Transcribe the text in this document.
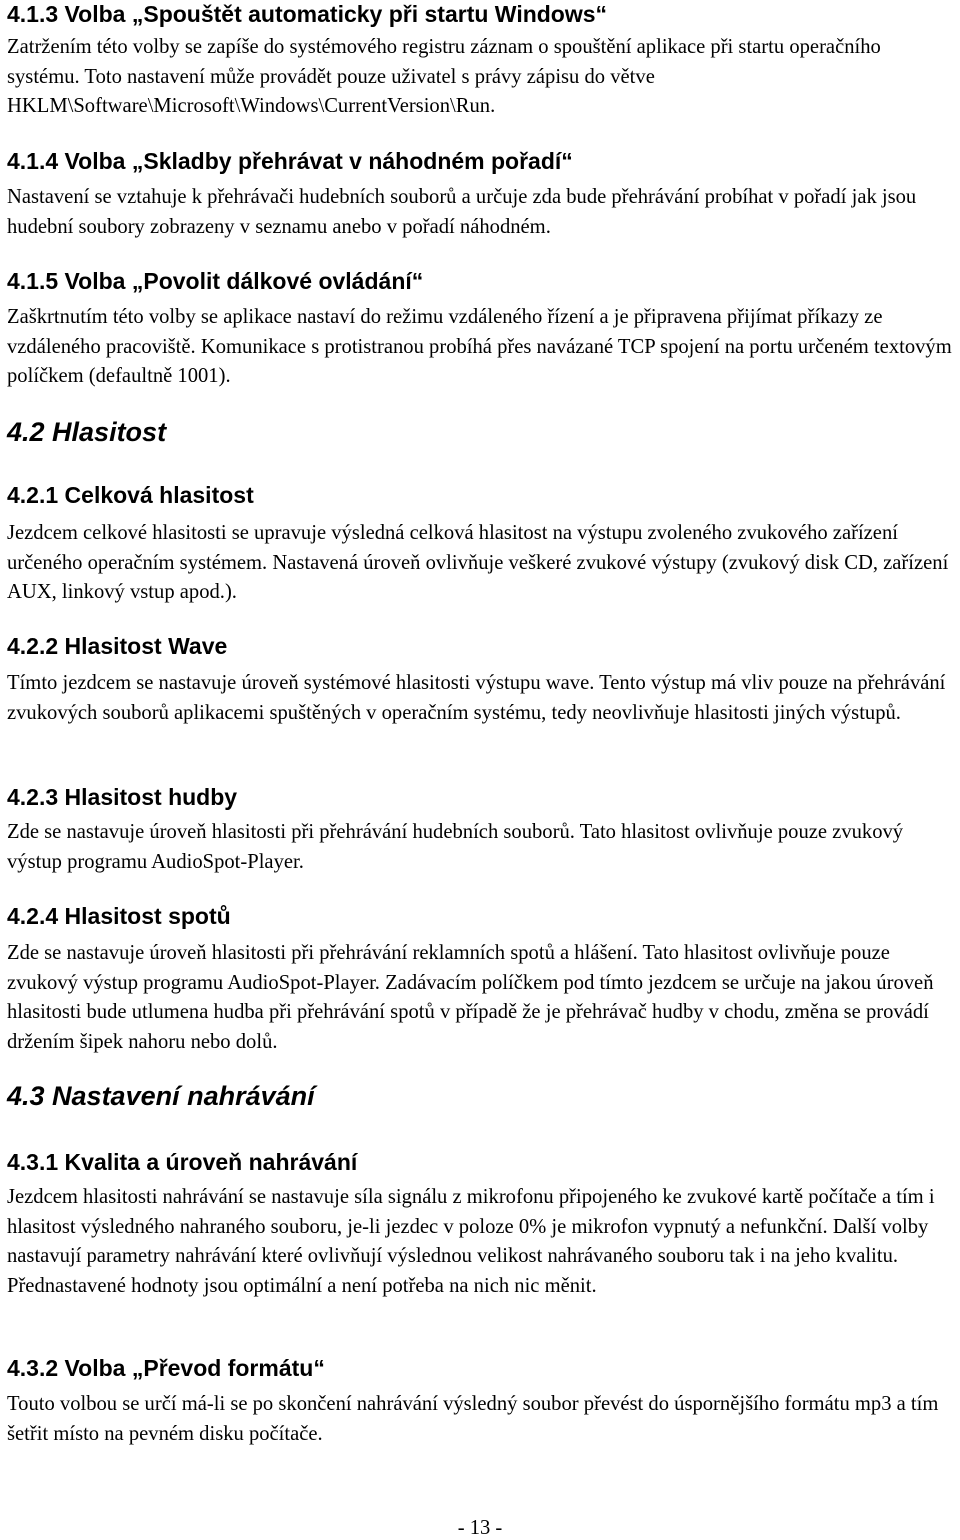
4.1.3 Volba „Spouštět automaticky při startu Windows“

Zatržením této volby se zapíše do systémového registru záznam o spouštění aplikace při startu operačního systému. Toto nastavení může provádět pouze uživatel s právy zápisu do větve HKLM\Software\Microsoft\Windows\CurrentVersion\Run.

4.1.4 Volba „Skladby přehrávat v náhodném pořadí“

Nastavení se vztahuje k přehrávači hudebních souborů a určuje zda bude přehrávání probíhat v pořadí jak jsou hudební soubory zobrazeny v seznamu anebo v pořadí náhodném.

4.1.5 Volba „Povolit dálkové ovládání“

Zaškrtnutím této volby se aplikace nastaví do režimu vzdáleného řízení a je připravena přijímat příkazy ze vzdáleného pracoviště. Komunikace s protistranou probíhá přes navázané TCP spojení na portu určeném textovým políčkem (defaultně 1001).

4.2 Hlasitost
4.2.1 Celková hlasitost

Jezdcem celkové hlasitosti se upravuje výsledná celková hlasitost na výstupu zvoleného zvukového zařízení určeného operačním systémem. Nastavená úroveň ovlivňuje veškeré zvukové výstupy (zvukový disk CD, zařízení AUX, linkový vstup apod.).

4.2.2 Hlasitost Wave

Tímto jezdcem se nastavuje úroveň systémové hlasitosti výstupu wave. Tento výstup má vliv pouze na přehrávání zvukových souborů aplikacemi spuštěných v operačním systému, tedy neovlivňuje hlasitosti jiných výstupů.

4.2.3 Hlasitost hudby

Zde se nastavuje úroveň hlasitosti při přehrávání hudebních souborů. Tato hlasitost ovlivňuje pouze zvukový výstup programu AudioSpot-Player.

4.2.4 Hlasitost spotů

Zde se nastavuje úroveň hlasitosti při přehrávání reklamních spotů a hlášení. Tato hlasitost ovlivňuje pouze zvukový výstup programu AudioSpot-Player. Zadávacím políčkem pod tímto jezdcem se určuje na jakou úroveň hlasitosti bude utlumena hudba při přehrávání spotů v případě že je přehrávač hudby v chodu, změna se provádí držením šipek nahoru nebo dolů.

4.3 Nastavení nahrávání
4.3.1 Kvalita a úroveň nahrávání

Jezdcem hlasitosti nahrávání se nastavuje síla signálu z mikrofonu připojeného ke zvukové kartě počítače a tím i hlasitost výsledného nahraného souboru, je-li jezdec v poloze 0% je mikrofon vypnutý a nefunkční. Další volby nastavují parametry nahrávání které ovlivňují výslednou velikost nahrávaného souboru tak i na jeho kvalitu. Přednastavené hodnoty jsou optimální a není potřeba na nich nic měnit.

4.3.2 Volba „Převod formátu“

Touto volbou se určí má-li se po skončení nahrávání výsledný soubor převést do úspornějšího formátu mp3 a tím šetřit místo na pevném disku počítače.

- 13 -
